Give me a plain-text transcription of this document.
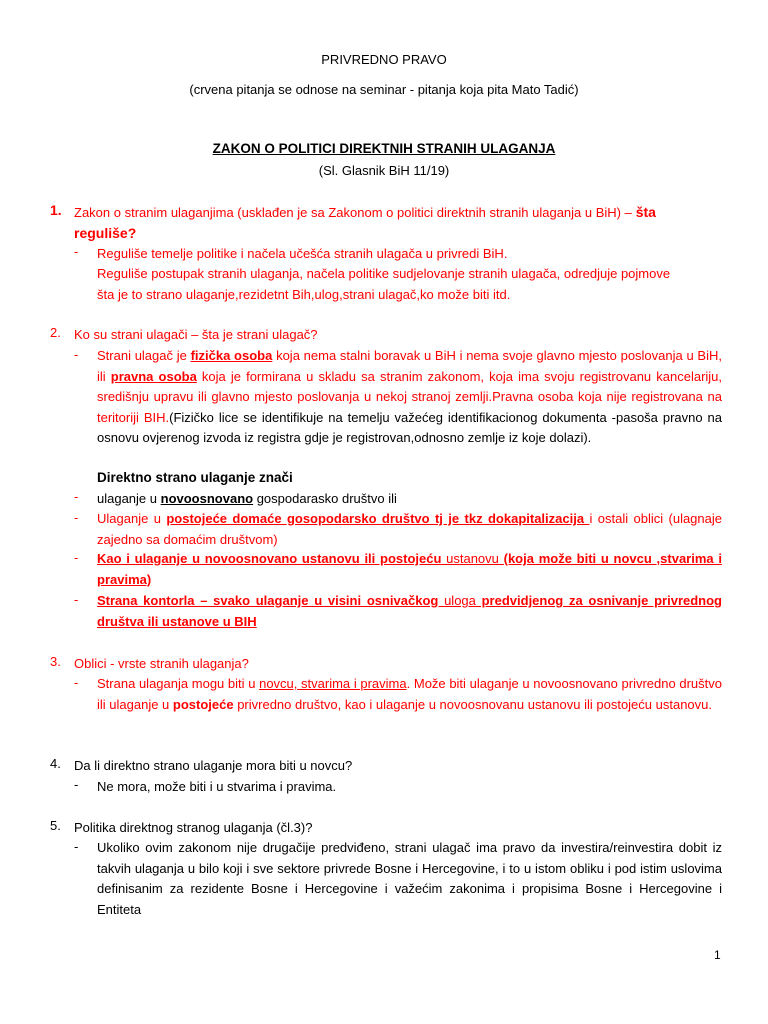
PRIVREDNO PRAVO
(crvena pitanja se odnose na seminar - pitanja koja pita Mato Tadić)
ZAKON O POLITICI DIREKTNIH STRANIH ULAGANJA
(Sl. Glasnik BiH 11/19)
1. Zakon o stranim ulaganjima (usklađen je sa Zakonom o politici direktnih stranih ulaganja u BiH) – šta
reguliše?
- Reguliše temelje politike i načela učešća stranih ulagača u privredi BiH.
Reguliše postupak stranih ulaganja, načela politike sudjelovanje stranih ulagača, odredjuje pojmove
šta je to strano ulaganje,rezidetnt Bih,ulog,strani ulagač,ko može biti itd.
2. Ko su strani ulagači – šta je strani ulagač?
- Strani ulagač je fizička osoba koja nema stalni boravak u BiH i nema svoje glavno mjesto poslovanja u BiH, ili pravna osoba koja je formirana u skladu sa stranim zakonom, koja ima svoju registrovanu kancelariju, središnju upravu ili glavno mjesto poslovanja u nekoj stranoj zemlji.Pravna osoba koja nije registrovana na teritoriji BIH.(Fizičko lice se identifikuje na temelju važećeg identifikacionog dokumenta -pasoša pravno na osnovu ovjerenog izvoda iz registra gdje je registrovan,odnosno zemlje iz koje dolazi).
Direktno strano ulaganje znači
- ulaganje u novoosnovano gospodarasko društvo ili
- Ulaganje u postojeće domaće gosopodarsko društvo tj je tkz dokapitalizacija i ostali oblici (ulagnaje zajedno sa domaćim društvom)
- Kao i ulaganje u novoosnovano ustanovu ili postojeću ustanovu (koja može biti u novcu ,stvarima i pravima)
- Strana kontorla – svako ulaganje u visini osnivačkog uloga predvidjenog za osnivanje privrednog društva ili ustanove u BIH
3. Oblici - vrste stranih ulaganja?
- Strana ulaganja mogu biti u novcu, stvarima i pravima. Može biti ulaganje u novoosnovano privredno društvo ili ulaganje u postojeće privredno društvo, kao i ulaganje u novoosnovanu ustanovu ili postojeću ustanovu.
4. Da li direktno strano ulaganje mora biti u novcu?
- Ne mora, može biti i u stvarima i pravima.
5. Politika direktnog stranog ulaganja (čl.3)?
- Ukoliko ovim zakonom nije drugačije predviđeno, strani ulagač ima pravo da investira/reinvestira dobit iz takvih ulaganja u bilo koji i sve sektore privrede Bosne i Hercegovine, i to u istom obliku i pod istim uslovima definisanim za rezidente Bosne i Hercegovine i važećim zakonima i propisima Bosne i Hercegovine i Entiteta
1
